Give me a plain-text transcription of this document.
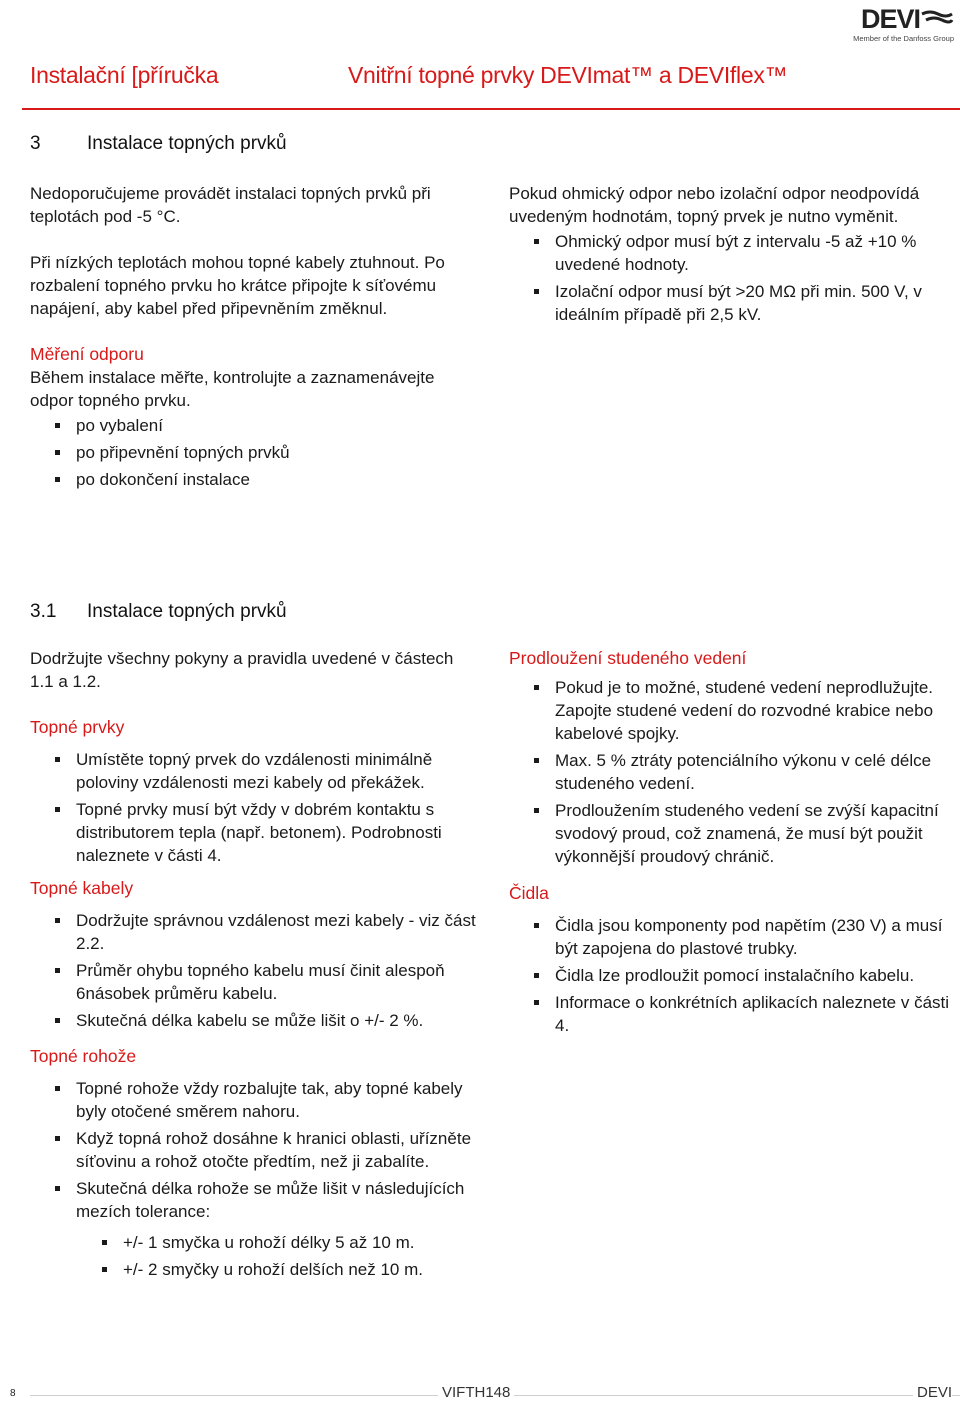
DEVI
Member of the Danfoss Group
Instalační [příručka	Vnitřní topné prvky DEVImat™ a DEVIflex™
3 Instalace topných prvků

Nedoporučujeme provádět instalaci topných prvků při teplotách pod -5 °C.

Při nízkých teplotách mohou topné kabely ztuhnout. Po rozbalení topného prvku ho krátce připojte k síťovému napájení, aby kabel před připevněním změknul.

Měření odporu

Během instalace měřte, kontrolujte a zaznamenávejte odpor topného prvku.

po vybalení
po připevnění topných prvků
po dokončení instalace

Pokud ohmický odpor nebo izolační odpor neodpovídá uvedeným hodnotám, topný prvek je nutno vyměnit.

Ohmický odpor musí být z intervalu -5 až +10 % uvedené hodnoty.
Izolační odpor musí být >20 MΩ při min. 500 V, v ideálním případě při 2,5 kV.
3.1 Instalace topných prvků

Dodržujte všechny pokyny a pravidla uvedené v částech 1.1 a 1.2.

Topné prvky
Umístěte topný prvek do vzdálenosti minimálně poloviny vzdálenosti mezi kabely od překážek.
Topné prvky musí být vždy v dobrém kontaktu s distributorem tepla (např. betonem). Podrobnosti naleznete v části 4.
Topné kabely
Dodržujte správnou vzdálenost mezi kabely - viz část 2.2.
Průměr ohybu topného kabelu musí činit alespoň 6násobek průměru kabelu.
Skutečná délka kabelu se může lišit o +/- 2 %.
Topné rohože
Topné rohože vždy rozbalujte tak, aby topné kabely byly otočené směrem nahoru.
Když topná rohož dosáhne k hranici oblasti, uřízněte síťovinu a rohož otočte předtím, než ji zabalíte.
Skutečná délka rohože se může lišit v následujících mezích tolerance:
+/- 1 smyčka u rohoží délky 5 až 10 m.
+/- 2 smyčky u rohoží delších než 10 m.
Prodloužení studeného vedení
Pokud je to možné, studené vedení neprodlužujte. Zapojte studené vedení do rozvodné krabice nebo kabelové spojky.
Max. 5 % ztráty potenciálního výkonu v celé délce studeného vedení.
Prodloužením studeného vedení se zvýší kapacitní svodový proud, což znamená, že musí být použit výkonnější proudový chránič.
Čidla
Čidla jsou komponenty pod napětím (230 V) a musí být zapojena do plastové trubky.
Čidla lze prodloužit pomocí instalačního kabelu.
Informace o konkrétních aplikacích naleznete v části 4.
8	VIFTH148	DEVI
